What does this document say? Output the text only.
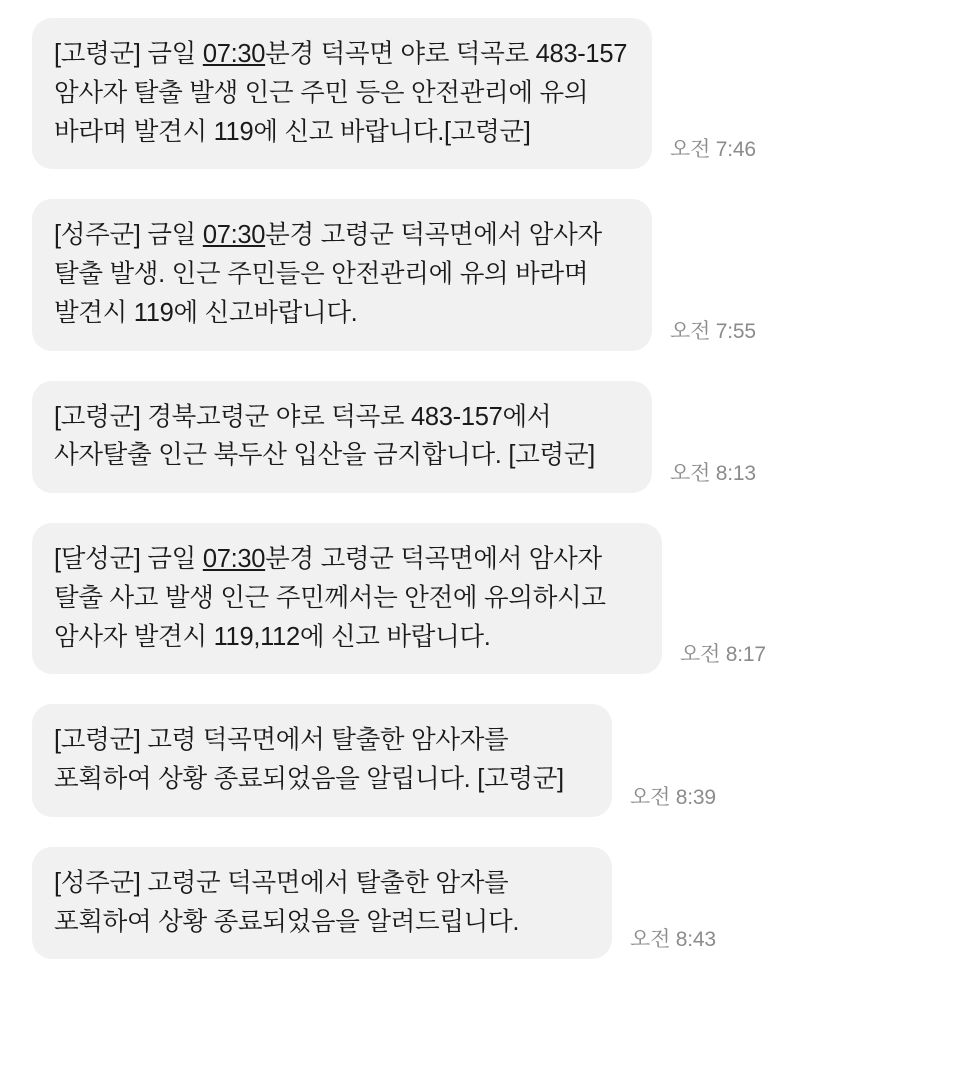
[고령군] 금일 07:30분경 덕곡면 야로 덕곡로 483-157 암사자 탈출 발생 인근 주민 등은 안전관리에 유의 바라며 발견시 119에 신고 바랍니다.[고령군]

오전 7:46

[성주군] 금일 07:30분경 고령군 덕곡면에서 암사자 탈출 발생. 인근 주민들은 안전관리에 유의 바라며 발견시 119에 신고바랍니다.

오전 7:55

[고령군] 경북고령군 야로 덕곡로 483-157에서 사자탈출 인근 북두산 입산을 금지합니다. [고령군]

오전 8:13

[달성군] 금일 07:30분경 고령군 덕곡면에서 암사자 탈출 사고 발생 인근 주민께서는 안전에 유의하시고 암사자 발견시 119,112에 신고 바랍니다.

오전 8:17

[고령군] 고령 덕곡면에서 탈출한 암사자를 포획하여 상황 종료되었음을 알립니다. [고령군]

오전 8:39

[성주군] 고령군 덕곡면에서 탈출한 암자를 포획하여 상황 종료되었음을 알려드립니다.

오전 8:43
